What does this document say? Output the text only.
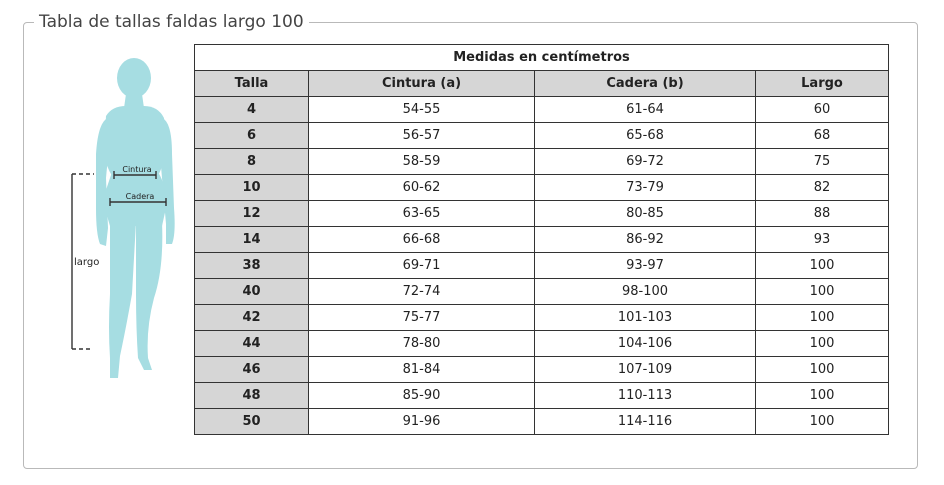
Tabla de tallas faldas largo 100
Cintura
Cadera
largo
Medidas en centímetros			
Talla	Cintura (a)	Cadera (b)	Largo
4	54-55	61-64	60
6	56-57	65-68	68
8	58-59	69-72	75
10	60-62	73-79	82
12	63-65	80-85	88
14	66-68	86-92	93
38	69-71	93-97	100
40	72-74	98-100	100
42	75-77	101-103	100
44	78-80	104-106	100
46	81-84	107-109	100
48	85-90	110-113	100
50	91-96	114-116	100
